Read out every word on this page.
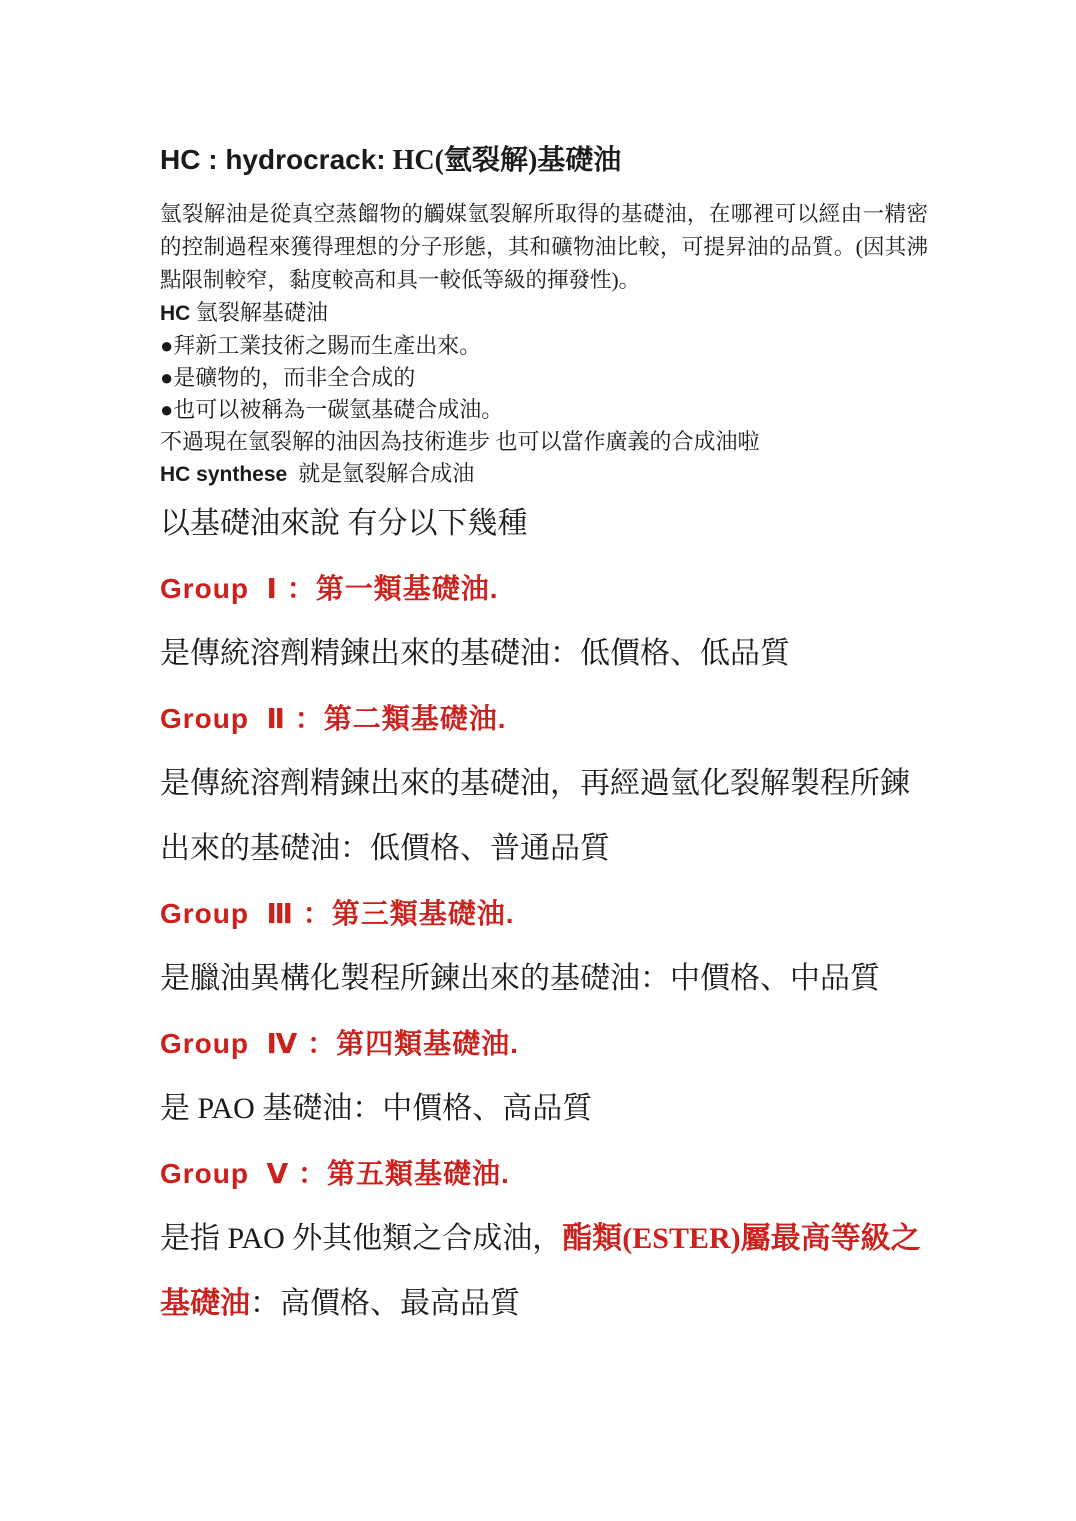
HC : hydrocrack: HC(氫裂解)基礎油

氫裂解油是從真空蒸餾物的觸媒氫裂解所取得的基礎油，在哪裡可以經由一精密的控制過程來獲得理想的分子形態，其和礦物油比較，可提昇油的品質。(因其沸點限制較窄，黏度較高和具一較低等級的揮發性)。

HC 氫裂解基礎油
●拜新工業技術之賜而生產出來。
●是礦物的，而非全合成的
●也可以被稱為一碳氫基礎合成油。
不過現在氫裂解的油因為技術進步 也可以當作廣義的合成油啦
HC synthese  就是氫裂解合成油
以基礎油來說 有分以下幾種
Group  Ⅰ ：第一類基礎油.
是傳統溶劑精鍊出來的基礎油：低價格、低品質
Group  Ⅱ ：第二類基礎油.
是傳統溶劑精鍊出來的基礎油，再經過氫化裂解製程所鍊出來的基礎油：低價格、普通品質
Group  Ⅲ ：第三類基礎油.
是臘油異構化製程所鍊出來的基礎油：中價格、中品質
Group  Ⅳ ：第四類基礎油.
是 PAO 基礎油：中價格、高品質
Group  Ⅴ ：第五類基礎油.
是指 PAO 外其他類之合成油，酯類(ESTER)屬最高等級之基礎油：高價格、最高品質
